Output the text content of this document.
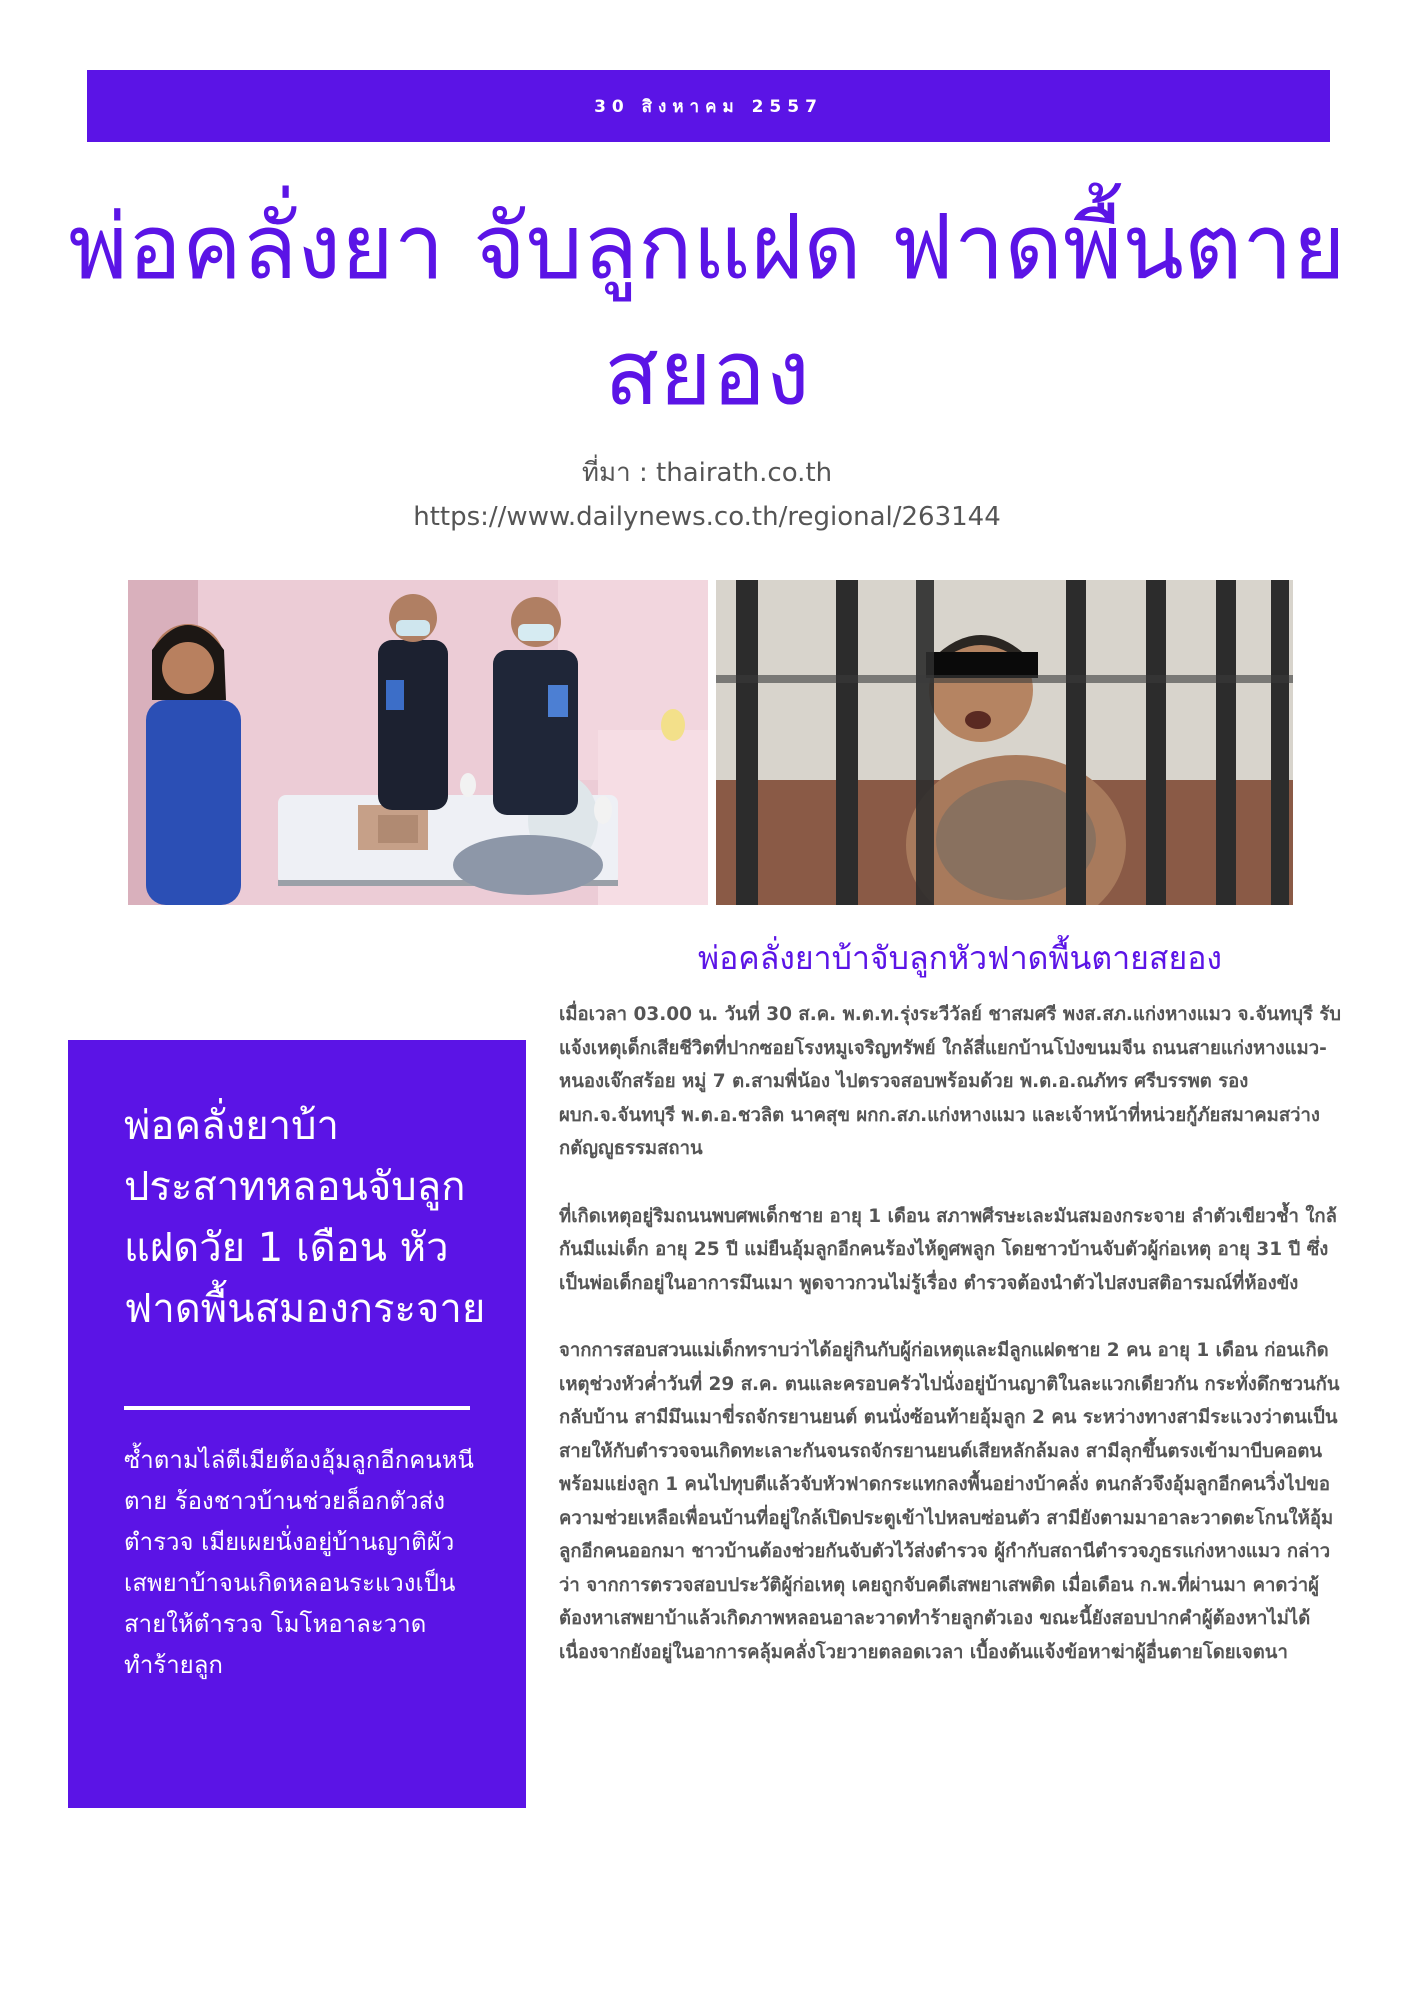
30 สิงหาคม 2557
พ่อคลั่งยา จับลูกแฝด ฟาดพื้นตายสยอง
ที่มา : thairath.co.th
https://www.dailynews.co.th/regional/263144
พ่อคลั่งยาบ้าจับลูกหัวฟาดพื้นตายสยอง

เมื่อเวลา 03.00 น. วันที่ 30 ส.ค. พ.ต.ท.รุ่งระวีวัลย์ ชาสมศรี พงส.สภ.แก่งหางแมว จ.จันทบุรี รับแจ้งเหตุเด็กเสียชีวิตที่ปากซอยโรงหมูเจริญทรัพย์ ใกล้สี่แยกบ้านโป่งขนมจีน ถนนสายแก่งหางแมว-หนองเจ๊กสร้อย หมู่ 7 ต.สามพี่น้อง ไปตรวจสอบพร้อมด้วย พ.ต.อ.ณภัทร ศรีบรรพต รอง ผบก.จ.จันทบุรี พ.ต.อ.ชวลิต นาคสุข ผกก.สภ.แก่งหางแมว และเจ้าหน้าที่หน่วยกู้ภัยสมาคมสว่างกตัญญูธรรมสถาน

ที่เกิดเหตุอยู่ริมถนนพบศพเด็กชาย อายุ 1 เดือน สภาพศีรษะเละมันสมองกระจาย ลำตัวเขียวช้ำ ใกล้กันมีแม่เด็ก อายุ 25 ปี แม่ยืนอุ้มลูกอีกคนร้องไห้ดูศพลูก โดยชาวบ้านจับตัวผู้ก่อเหตุ อายุ 31 ปี ซึ่งเป็นพ่อเด็กอยู่ในอาการมึนเมา พูดจาวกวนไม่รู้เรื่อง ตำรวจต้องนำตัวไปสงบสติอารมณ์ที่ห้องขัง

จากการสอบสวนแม่เด็กทราบว่าได้อยู่กินกับผู้ก่อเหตุและมีลูกแฝดชาย 2 คน อายุ 1 เดือน ก่อนเกิดเหตุช่วงหัวค่ำวันที่ 29 ส.ค. ตนและครอบครัวไปนั่งอยู่บ้านญาติในละแวกเดียวกัน กระทั่งดึกชวนกันกลับบ้าน สามีมึนเมาขี่รถจักรยานยนต์ ตนนั่งซ้อนท้ายอุ้มลูก 2 คน ระหว่างทางสามีระแวงว่าตนเป็นสายให้กับตำรวจจนเกิดทะเลาะกันจนรถจักรยานยนต์เสียหลักล้มลง สามีลุกขึ้นตรงเข้ามาบีบคอตนพร้อมแย่งลูก 1 คนไปทุบตีแล้วจับหัวฟาดกระแทกลงพื้นอย่างบ้าคลั่ง ตนกลัวจึงอุ้มลูกอีกคนวิ่งไปขอความช่วยเหลือเพื่อนบ้านที่อยู่ใกล้เปิดประตูเข้าไปหลบซ่อนตัว สามียังตามมาอาละวาดตะโกนให้อุ้มลูกอีกคนออกมา ชาวบ้านต้องช่วยกันจับตัวไว้ส่งตำรวจ ผู้กำกับสถานีตำรวจภูธรแก่งหางแมว กล่าวว่า จากการตรวจสอบประวัติผู้ก่อเหตุ เคยถูกจับคดีเสพยาเสพติด เมื่อเดือน ก.พ.ที่ผ่านมา คาดว่าผู้ต้องหาเสพยาบ้าแล้วเกิดภาพหลอนอาละวาดทำร้ายลูกตัวเอง ขณะนี้ยังสอบปากคำผู้ต้องหาไม่ได้ เนื่องจากยังอยู่ในอาการคลุ้มคลั่งโวยวายตลอดเวลา เบื้องต้นแจ้งข้อหาฆ่าผู้อื่นตายโดยเจตนา

พ่อคลั่งยาบ้าประสาทหลอนจับลูกแฝดวัย 1 เดือน หัวฟาดพื้นสมองกระจาย

ซ้ำตามไล่ตีเมียต้องอุ้มลูกอีกคนหนีตาย ร้องชาวบ้านช่วยล็อกตัวส่งตำรวจ เมียเผยนั่งอยู่บ้านญาติผัวเสพยาบ้าจนเกิดหลอนระแวงเป็นสายให้ตำรวจ โมโหอาละวาดทำร้ายลูก
